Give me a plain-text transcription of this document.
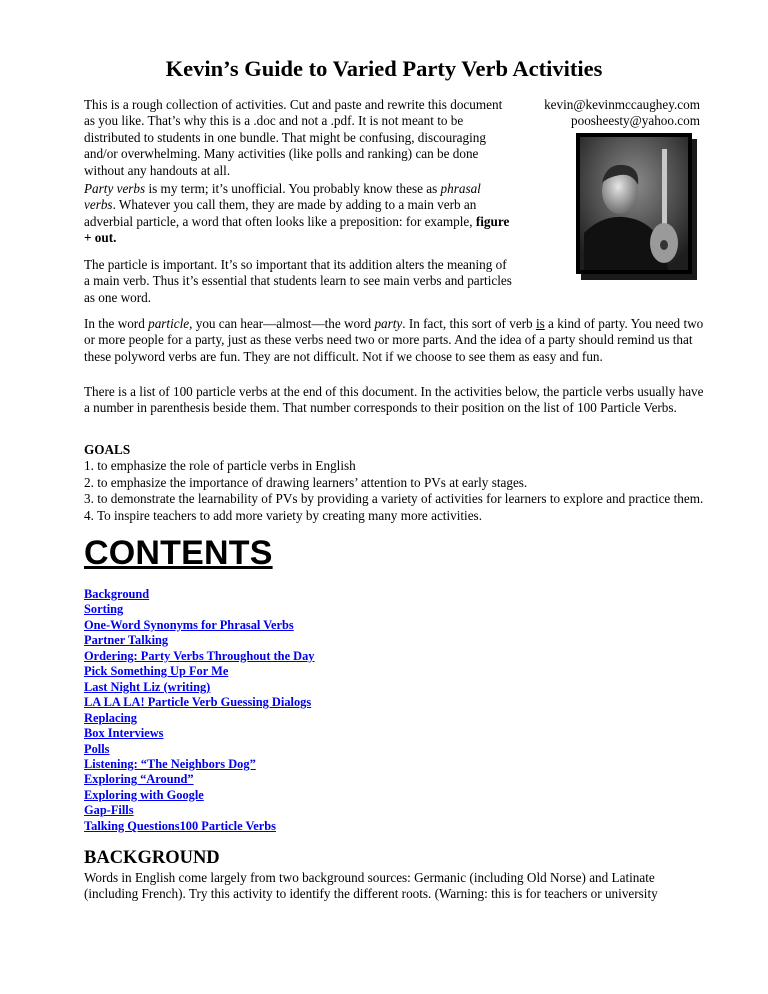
Kevin’s Guide to Varied Party Verb Activities
kevin@kevinmccaughey.com
poosheesty@yahoo.com

This is a rough collection of activities. Cut and paste and rewrite this document as you like. That’s why this is a .doc and not a .pdf. It is not meant to be distributed to students in one bundle. That might be confusing, discouraging and/or overwhelming. Many activities (like polls and ranking) can be done without any handouts at all.

Party verbs is my term; it’s unofficial. You probably know these as phrasal verbs. Whatever you call them, they are made by adding to a main verb an adverbial particle, a word that often looks like a preposition: for example, figure + out.

The particle is important. It’s so important that its addition alters the meaning of a main verb. Thus it’s essential that students learn to see main verbs and particles as one word.

In the word particle, you can hear—almost—the word party. In fact, this sort of verb is a kind of party. You need two or more people for a party, just as these verbs need two or more parts. And the idea of a party should remind us that these polyword verbs are fun. They are not difficult. Not if we choose to see them as easy and fun.

There is a list of 100 particle verbs at the end of this document. In the activities below, the particle verbs usually have a number in parenthesis beside them. That number corresponds to their position on the list of 100 Particle Verbs.

GOALS
1. to emphasize the role of particle verbs in English
2. to emphasize the importance of drawing learners’ attention to PVs at early stages.
3. to demonstrate the learnability of PVs by providing a variety of activities for learners to explore and practice them.
4. To inspire teachers to add more variety by creating many more activities.
CONTENTS
Background
Sorting
One-Word Synonyms for Phrasal Verbs
Partner Talking
Ordering: Party Verbs Throughout the Day
Pick Something Up For Me
Last Night Liz (writing)
LA LA LA! Particle Verb Guessing Dialogs
Replacing
Box Interviews
Polls
Listening: “The Neighbors Dog”
Exploring “Around”
Exploring with Google
Gap-Fills
Talking Questions100 Particle Verbs
BACKGROUND

Words in English come largely from two background sources: Germanic (including Old Norse) and Latinate (including French). Try this activity to identify the different roots. (Warning: this is for teachers or university
